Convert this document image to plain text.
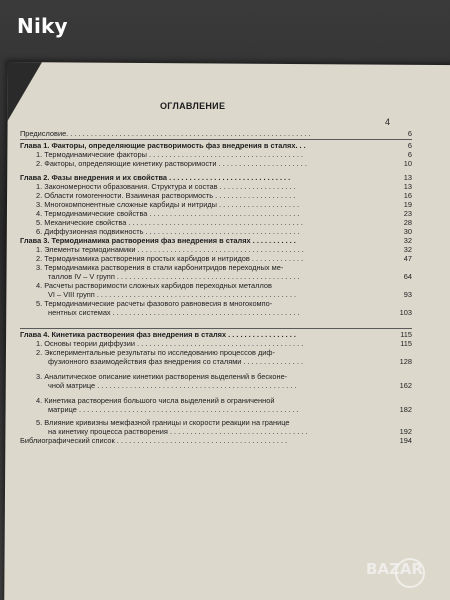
Niky
ОГЛАВЛЕНИЕ
4
Предисловие. . . . . . . . . . . . . . . . . . . . . . . . . . . . . . . . . . . . . . . . . . . . . . . . . . . . . . . . . . . .	6
Глава 1. Факторы, определяющие растворимость фаз внедрения в сталях. . .	6
1. Термодинамические факторы . . . . . . . . . . . . . . . . . . . . . . . . . . . . . . . . . . . . . .	6
2. Факторы, определяющие кинетику растворимости . . . . . . . . . . . . . . . . . . . . . .	10
Глава 2. Фазы внедрения и их свойства . . . . . . . . . . . . . . . . . . . . . . . . . . . . . .	13
1. Закономерности образования. Структура и состав . . . . . . . . . . . . . . . . . . .	13
2. Области гомогенности. Взаимная растворимость . . . . . . . . . . . . . . . . . . . .	16
3. Многокомпонентные сложные карбиды и нитриды . . . . . . . . . . . . . . . . . . . .	19
4. Термодинамические свойства . . . . . . . . . . . . . . . . . . . . . . . . . . . . . . . . . . . . .	23
5. Механические свойства . . . . . . . . . . . . . . . . . . . . . . . . . . . . . . . . . . . . . . . . . . .	28
6. Диффузионная подвижность . . . . . . . . . . . . . . . . . . . . . . . . . . . . . . . . . . . . . .	30
Глава 3. Термодинамика растворения фаз внедрения в сталях . . . . . . . . . . .	32
1. Элементы термодинамики . . . . . . . . . . . . . . . . . . . . . . . . . . . . . . . . . . . . . . . . .	32
2. Термодинамика растворения простых карбидов и нитридов . . . . . . . . . . . . .	47
3. Термодинамика растворения в стали карбонитридов переходных ме-
таллов IV – V групп . . . . . . . . . . . . . . . . . . . . . . . . . . . . . . . . . . . . . . . . . . . . .	64
4. Расчеты растворимости сложных карбидов переходных металлов
VI – VIII групп . . . . . . . . . . . . . . . . . . . . . . . . . . . . . . . . . . . . . . . . . . . . . . . . .	93
5. Термодинамические расчеты фазового равновесия в многокомпо-
нентных системах . . . . . . . . . . . . . . . . . . . . . . . . . . . . . . . . . . . . . . . . . . . . . .	103
Глава 4. Кинетика растворения фаз внедрения в сталях . . . . . . . . . . . . . . . . .	115
1. Основы теории диффузии . . . . . . . . . . . . . . . . . . . . . . . . . . . . . . . . . . . . . . . . .	115
2. Экспериментальные результаты по исследованию процессов диф-
фузионного взаимодействия фаз внедрения со сталями . . . . . . . . . . . . . . .	128
3. Аналитическое описание кинетики растворения выделений в бесконе-
чной матрице . . . . . . . . . . . . . . . . . . . . . . . . . . . . . . . . . . . . . . . . . . . . . . . . .	162
4. Кинетика растворения большого числа выделений в ограниченной
матрице . . . . . . . . . . . . . . . . . . . . . . . . . . . . . . . . . . . . . . . . . . . . . . . . . . . . . .	182
5. Влияние кривизны межфазной границы и скорости реакции на границе
на кинетику процесса растворения . . . . . . . . . . . . . . . . . . . . . . . . . . . . . . . . . .	192
Библиографический список . . . . . . . . . . . . . . . . . . . . . . . . . . . . . . . . . . . . . . . . . .	194
BAZAR
